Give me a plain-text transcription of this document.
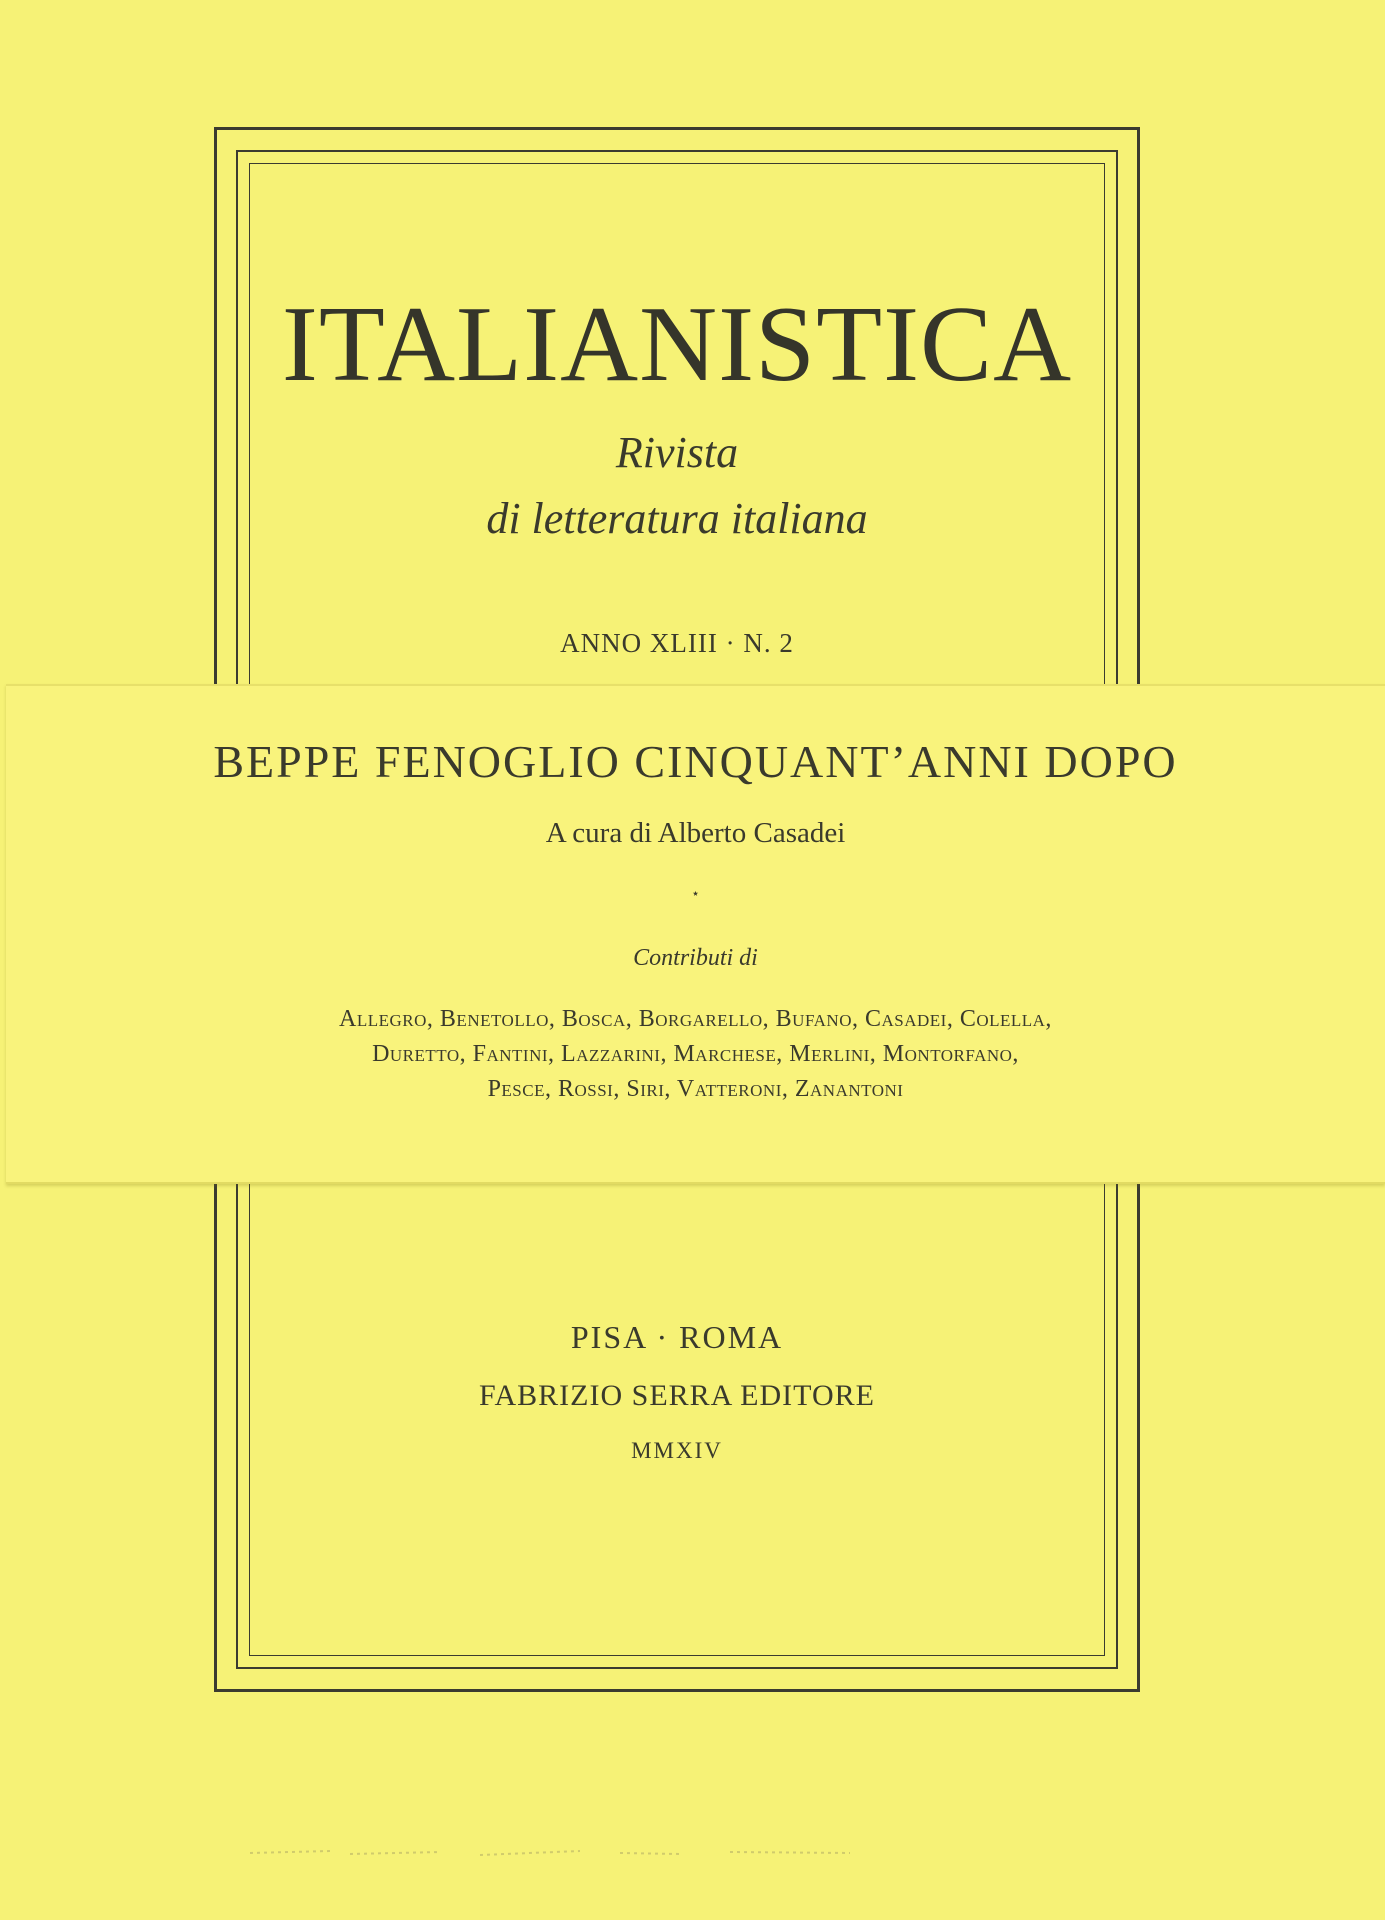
ITALIANISTICA
Rivista
di letteratura italiana
ANNO XLIII · N. 2
BEPPE FENOGLIO CINQUANT’ANNI DOPO
A cura di Alberto Casadei
⋆
Contributi di
Allegro, Benetollo, Bosca, Borgarello, Bufano, Casadei, Colella,
Duretto, Fantini, Lazzarini, Marchese, Merlini, Montorfano,
Pesce, Rossi, Siri, Vatteroni, Zanantoni
PISA · ROMA
FABRIZIO SERRA EDITORE
MMXIV
